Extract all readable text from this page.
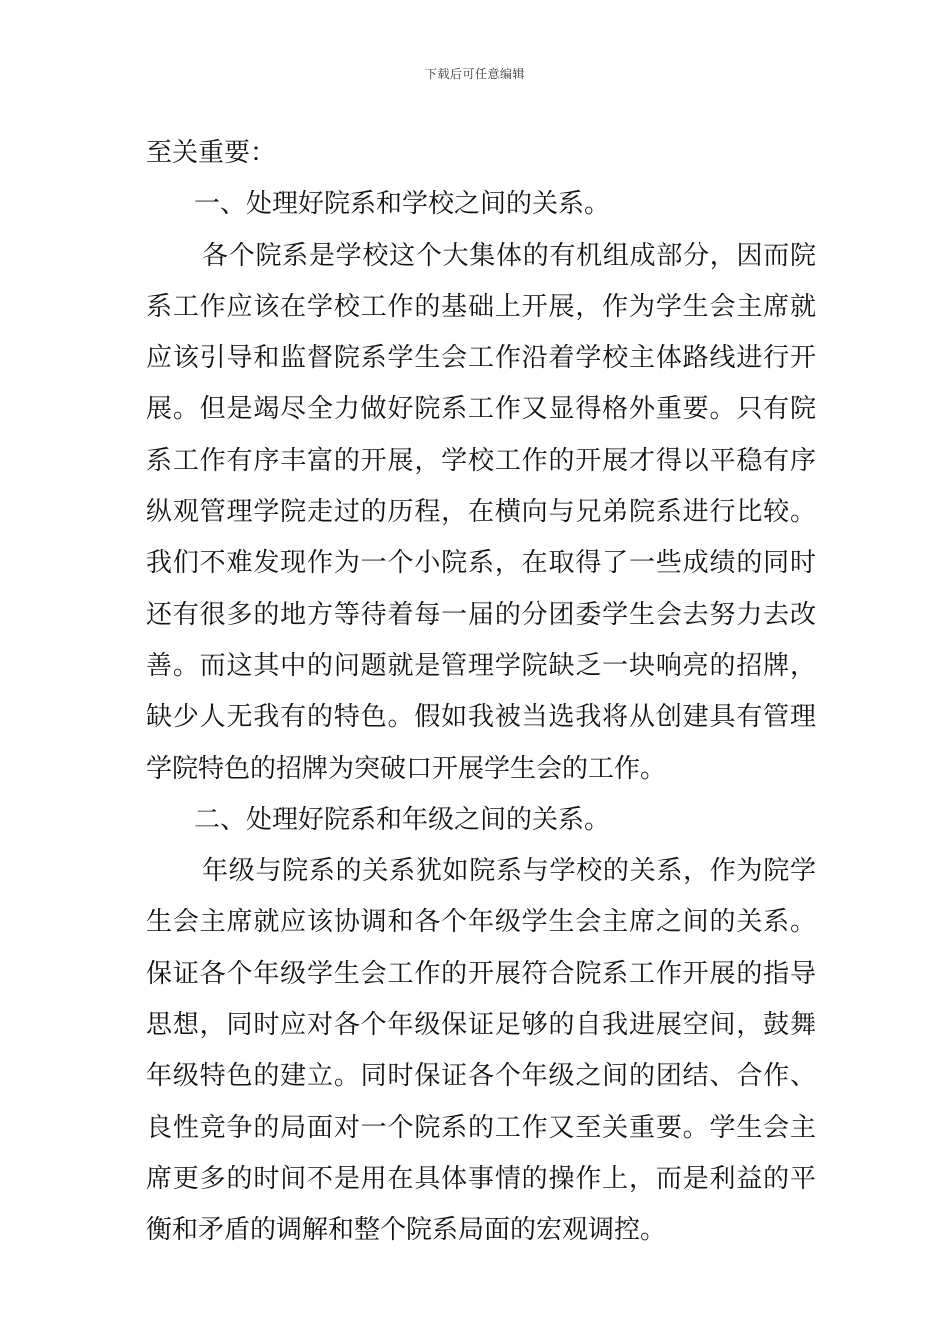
下载后可任意编辑
至关重要：
一、处理好院系和学校之间的关系。
各个院系是学校这个大集体的有机组成部分，因而院
系工作应该在学校工作的基础上开展，作为学生会主席就
应该引导和监督院系学生会工作沿着学校主体路线进行开
展。但是竭尽全力做好院系工作又显得格外重要。只有院
系工作有序丰富的开展，学校工作的开展才得以平稳有序
纵观管理学院走过的历程，在横向与兄弟院系进行比较。
我们不难发现作为一个小院系，在取得了一些成绩的同时
还有很多的地方等待着每一届的分团委学生会去努力去改
善。而这其中的问题就是管理学院缺乏一块响亮的招牌，
缺少人无我有的特色。假如我被当选我将从创建具有管理
学院特色的招牌为突破口开展学生会的工作。
二、处理好院系和年级之间的关系。
年级与院系的关系犹如院系与学校的关系，作为院学
生会主席就应该协调和各个年级学生会主席之间的关系。
保证各个年级学生会工作的开展符合院系工作开展的指导
思想，同时应对各个年级保证足够的自我进展空间，鼓舞
年级特色的建立。同时保证各个年级之间的团结、合作、
良性竞争的局面对一个院系的工作又至关重要。学生会主
席更多的时间不是用在具体事情的操作上，而是利益的平
衡和矛盾的调解和整个院系局面的宏观调控。
